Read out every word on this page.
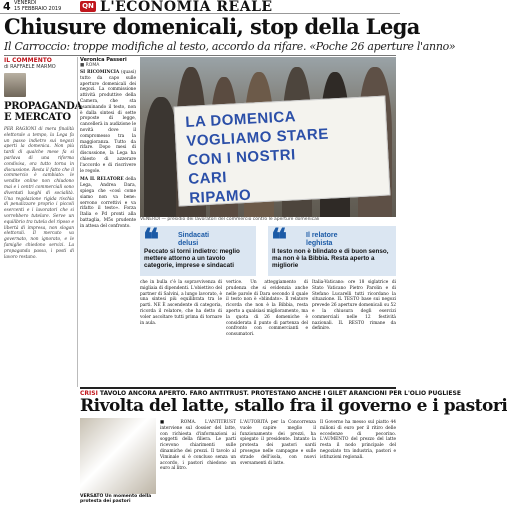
4 VENERDÌ
15 FEBBRAIO 2019	QN L'ECONOMIA REALE
Chiusure domenicali, stop della Lega
Il Carroccio: troppe modifiche al testo, accordo da rifare. «Poche 26 aperture l'anno»
IL COMMENTO
di RAFFAELE MARMO
PROPAGANDA E MERCATO
PER RAGIONI di mera finalità elettorale a tempo, la Lega fa un passo indietro sui negozi aperti la domenica. Non più tardi di qualche mese fa si parlava di una riforma condivisa, ora tutto torna in discussione. Resta il fatto che il commercio è cambiato: le vendite online non chiudono mai e i centri commerciali sono diventati luoghi di socialità. Una regolazione rigida rischia di penalizzare proprio i piccoli esercenti e i lavoratori che si vorrebbero tutelare. Serve un equilibrio tra tutela del riposo e libertà di impresa, non slogan elettorali. Il mercato va governato, non ignorato, e le famiglie chiedono servizi. La propaganda passa, i posti di lavoro restano.
Veronica Passeri
■ ROMA
SI RICOMINCIA (quasi) tutto da capo sulle aperture domenicali dei negozi. La commissione attività produttive della Camera, che sta esaminando il testo, non è dalla sintesi di sette proposte di legge, cancellerà in audizione le novità dove il compromesso tra la maggioranza. Tutto da rifare. Dopo mesi di discussione, la Lega ha chiesto di azzerare l'accordo e di riscrivere le regole.
MA IL RELATORE della Lega, Andrea Dara, spiega che «così come siamo non va bene: servono correttivi e va rifatto il testo». Forza Italia e Pd pronti alla battaglia, M5s prudente in attesa del confronto.
LA DOMENICA
VOGLIAMO STARE
CON I NOSTRI
CARI
RIPAMO
VENERDÌ — presidio dei lavoratori del commercio contro le aperture domenicali
❝	Sindacati
delusi
Peccato si torni indietro: meglio mettere attorno a un tavolo categorie, imprese e sindacati
❝	Il relatore
leghista
Il testo non è blindato e di buon senso, ma non è la Bibbia. Resta aperto a migliorie
che in bulla c'è la sopravvivenza di migliaia di dipendenti. L'obiettivo del partner di Salvini, a lungo lavorato, è una sintesi più equilibrata tra le parti. NE È ascendente di categoria, ricorda il relatore, che ha detto di voler ascoltare tutti prima di tornare in aula.
vertice. Un atteggiamento di prudenza che si evidenzia anche nelle parole di Dara secondo il quale il testo non è «blindato». Il relatore ricorda che non è la Bibbia, resta aperto a qualsiasi miglioramento, ma la quota di 26 domeniche è considerata il punto di partenza del confronto con commercianti e consumatori.
Italia-Vaticano: ore 18 siglatrice di Stato Vaticano Pietro Parolin e di Stefano Lucarelli tutti ricordano la situazione. IL TESTO base sui negozi prevede 26 aperture domenicali su 52 e la chiusura degli esercizi commerciali nelle 12 festività nazionali. IL RESTO rimane da definire.
CRISI TAVOLO ANCORA APERTO. FARO ANTITRUST. PROTESTANO ANCHE I GILET ARANCIONI PER L'OLIO PUGLIESE
Rivolta del latte, stallo fra il governo e i pastori
VERSATO Un momento della protesta dei pastori
■ ROMA. L'ANTITRUST interviene sul dossier del latte, con richiesta d'informazioni ai soggetti della filiera. Le parti ricevono chiarimenti sulle dinamiche dei prezzi. Il tavolo al Viminale si è concluso senza un accordo, i pastori chiedono un euro al litro.
L'AUTORITÀ per la Concorrenza vuole capire meglio il funzionamento dei prezzi, ha spiegato il presidente. Intanto la protesta dei pastori sardi prosegue nelle campagne e sulle strade dell'isola, con nuovi sversamenti di latte.
Il Governo ha messo sul piatto 44 milioni di euro per il ritiro delle eccedenze di pecorino. L'AUMENTO del prezzo del latte resta il nodo principale del negoziato tra industria, pastori e istituzioni regionali.
